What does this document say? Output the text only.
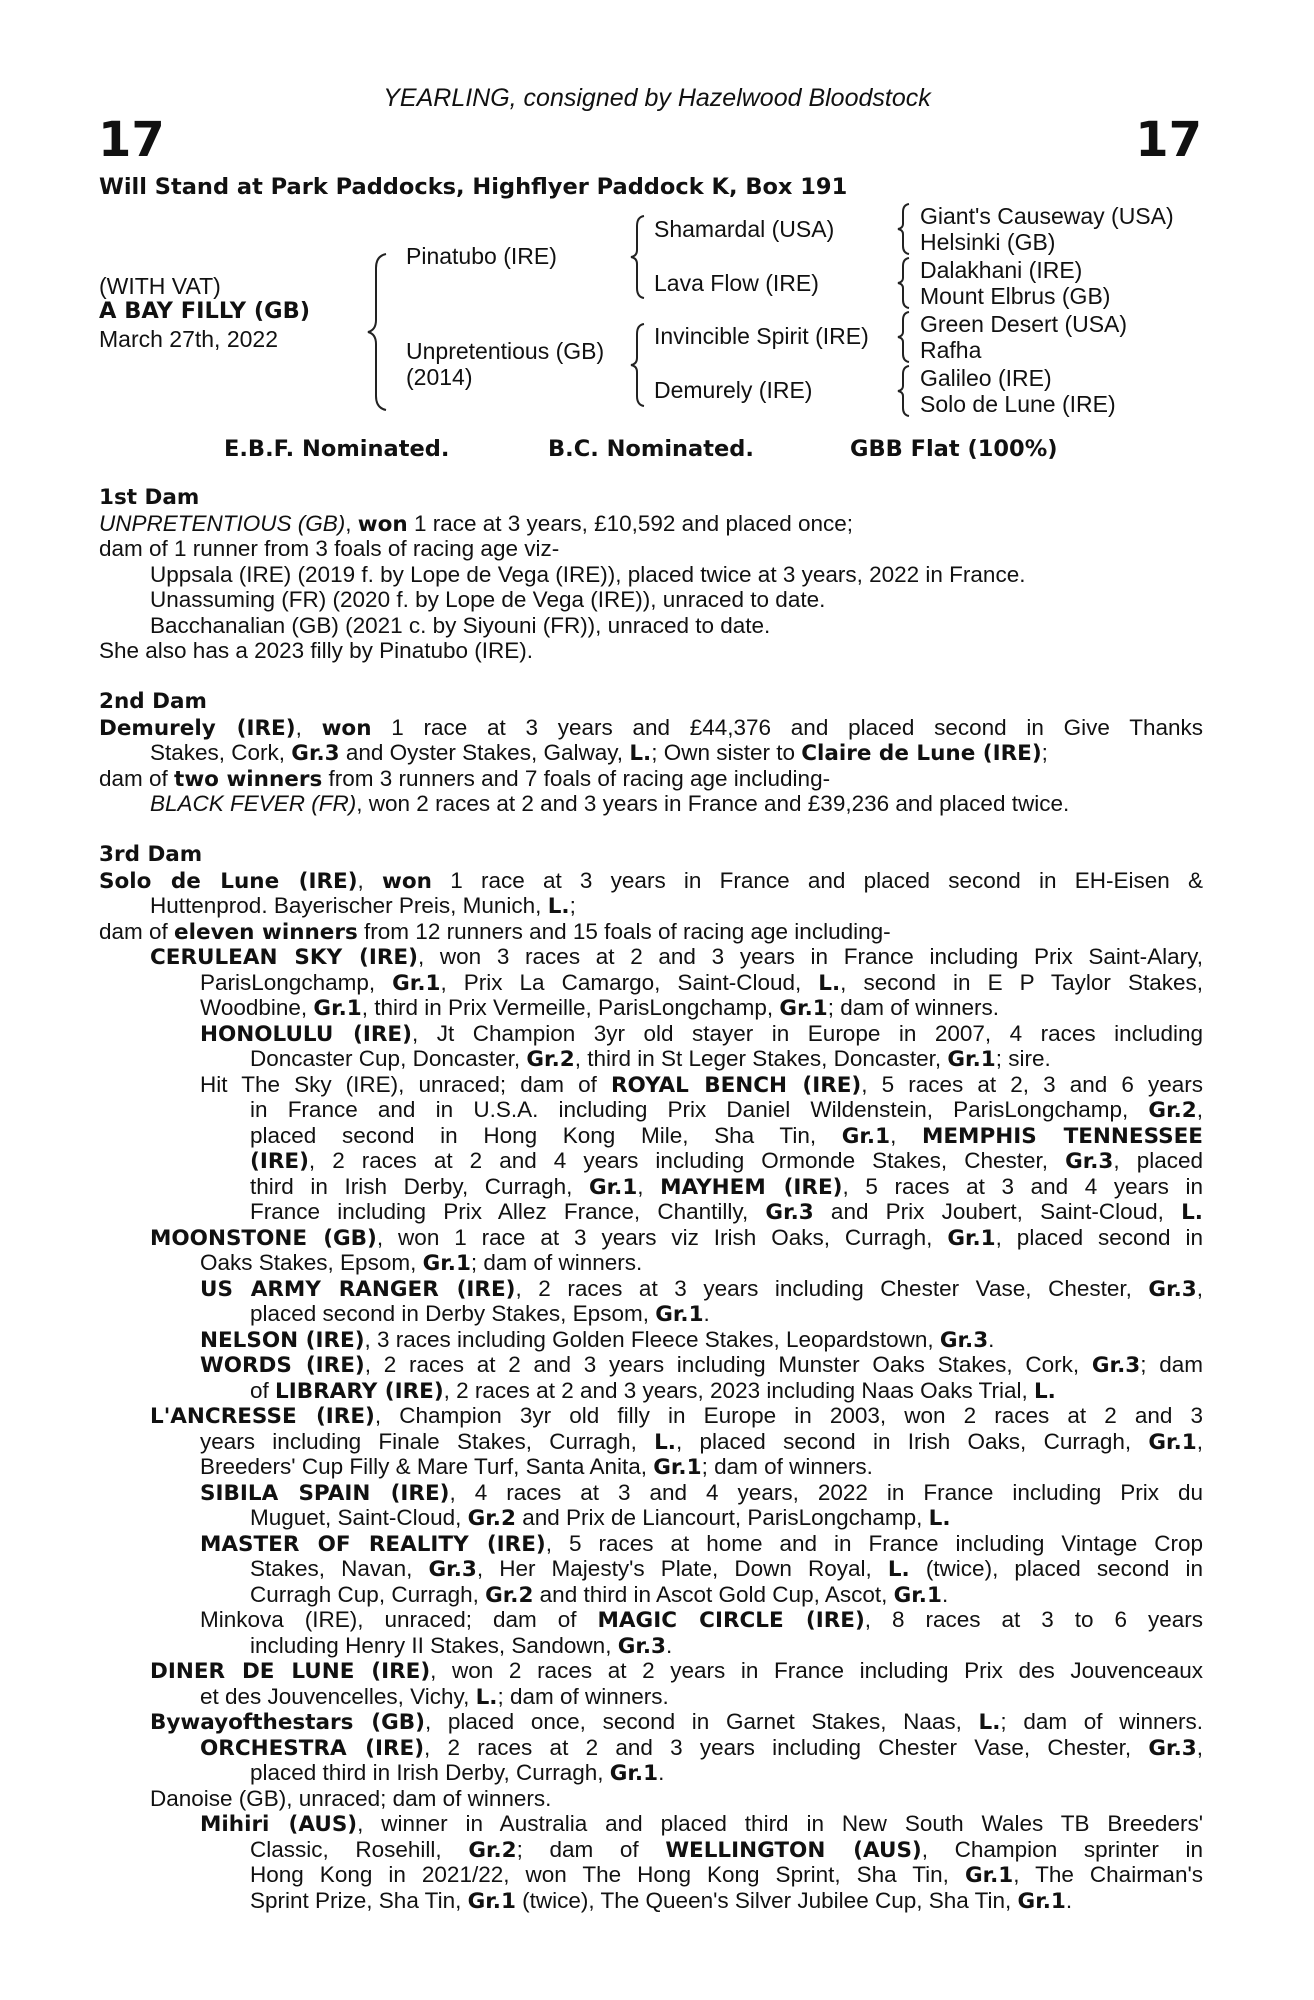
YEARLING, consigned by Hazelwood Bloodstock
17	17
Will Stand at Park Paddocks, Highflyer Paddock K, Box 191
(WITH VAT)
A BAY FILLY (GB)
March 27th, 2022
Pinatubo (IRE)
Unpretentious (GB)
(2014)
Shamardal (USA)
Lava Flow (IRE)
Invincible Spirit (IRE)
Demurely (IRE)
Giant's Causeway (USA)
Helsinki (GB)
Dalakhani (IRE)
Mount Elbrus (GB)
Green Desert (USA)
Rafha
Galileo (IRE)
Solo de Lune (IRE)
E.B.F. Nominated.	B.C. Nominated.	GBB Flat (100%)
1st Dam
UNPRETENTIOUS (GB), won 1 race at 3 years, £10,592 and placed once;
dam of 1 runner from 3 foals of racing age viz-
Uppsala (IRE) (2019 f. by Lope de Vega (IRE)), placed twice at 3 years, 2022 in France.
Unassuming (FR) (2020 f. by Lope de Vega (IRE)), unraced to date.
Bacchanalian (GB) (2021 c. by Siyouni (FR)), unraced to date.
She also has a 2023 filly by Pinatubo (IRE).
2nd Dam
Demurely (IRE), won 1 race at 3 years and £44,376 and placed second in Give Thanks
Stakes, Cork, Gr.3 and Oyster Stakes, Galway, L.; Own sister to Claire de Lune (IRE);
dam of two winners from 3 runners and 7 foals of racing age including-
BLACK FEVER (FR), won 2 races at 2 and 3 years in France and £39,236 and placed twice.
3rd Dam
Solo de Lune (IRE), won 1 race at 3 years in France and placed second in EH-Eisen &
Huttenprod. Bayerischer Preis, Munich, L.;
dam of eleven winners from 12 runners and 15 foals of racing age including-
CERULEAN SKY (IRE), won 3 races at 2 and 3 years in France including Prix Saint-Alary,
ParisLongchamp, Gr.1, Prix La Camargo, Saint-Cloud, L., second in E P Taylor Stakes,
Woodbine, Gr.1, third in Prix Vermeille, ParisLongchamp, Gr.1; dam of winners.
HONOLULU (IRE), Jt Champion 3yr old stayer in Europe in 2007, 4 races including
Doncaster Cup, Doncaster, Gr.2, third in St Leger Stakes, Doncaster, Gr.1; sire.
Hit The Sky (IRE), unraced; dam of ROYAL BENCH (IRE), 5 races at 2, 3 and 6 years
in France and in U.S.A. including Prix Daniel Wildenstein, ParisLongchamp, Gr.2,
placed second in Hong Kong Mile, Sha Tin, Gr.1, MEMPHIS TENNESSEE
(IRE), 2 races at 2 and 4 years including Ormonde Stakes, Chester, Gr.3, placed
third in Irish Derby, Curragh, Gr.1, MAYHEM (IRE), 5 races at 3 and 4 years in
France including Prix Allez France, Chantilly, Gr.3 and Prix Joubert, Saint-Cloud, L.
MOONSTONE (GB), won 1 race at 3 years viz Irish Oaks, Curragh, Gr.1, placed second in
Oaks Stakes, Epsom, Gr.1; dam of winners.
US ARMY RANGER (IRE), 2 races at 3 years including Chester Vase, Chester, Gr.3,
placed second in Derby Stakes, Epsom, Gr.1.
NELSON (IRE), 3 races including Golden Fleece Stakes, Leopardstown, Gr.3.
WORDS (IRE), 2 races at 2 and 3 years including Munster Oaks Stakes, Cork, Gr.3; dam
of LIBRARY (IRE), 2 races at 2 and 3 years, 2023 including Naas Oaks Trial, L.
L'ANCRESSE (IRE), Champion 3yr old filly in Europe in 2003, won 2 races at 2 and 3
years including Finale Stakes, Curragh, L., placed second in Irish Oaks, Curragh, Gr.1,
Breeders' Cup Filly & Mare Turf, Santa Anita, Gr.1; dam of winners.
SIBILA SPAIN (IRE), 4 races at 3 and 4 years, 2022 in France including Prix du
Muguet, Saint-Cloud, Gr.2 and Prix de Liancourt, ParisLongchamp, L.
MASTER OF REALITY (IRE), 5 races at home and in France including Vintage Crop
Stakes, Navan, Gr.3, Her Majesty's Plate, Down Royal, L. (twice), placed second in
Curragh Cup, Curragh, Gr.2 and third in Ascot Gold Cup, Ascot, Gr.1.
Minkova (IRE), unraced; dam of MAGIC CIRCLE (IRE), 8 races at 3 to 6 years
including Henry II Stakes, Sandown, Gr.3.
DINER DE LUNE (IRE), won 2 races at 2 years in France including Prix des Jouvenceaux
et des Jouvencelles, Vichy, L.; dam of winners.
Bywayofthestars (GB), placed once, second in Garnet Stakes, Naas, L.; dam of winners.
ORCHESTRA (IRE), 2 races at 2 and 3 years including Chester Vase, Chester, Gr.3,
placed third in Irish Derby, Curragh, Gr.1.
Danoise (GB), unraced; dam of winners.
Mihiri (AUS), winner in Australia and placed third in New South Wales TB Breeders'
Classic, Rosehill, Gr.2; dam of WELLINGTON (AUS), Champion sprinter in
Hong Kong in 2021/22, won The Hong Kong Sprint, Sha Tin, Gr.1, The Chairman's
Sprint Prize, Sha Tin, Gr.1 (twice), The Queen's Silver Jubilee Cup, Sha Tin, Gr.1.
